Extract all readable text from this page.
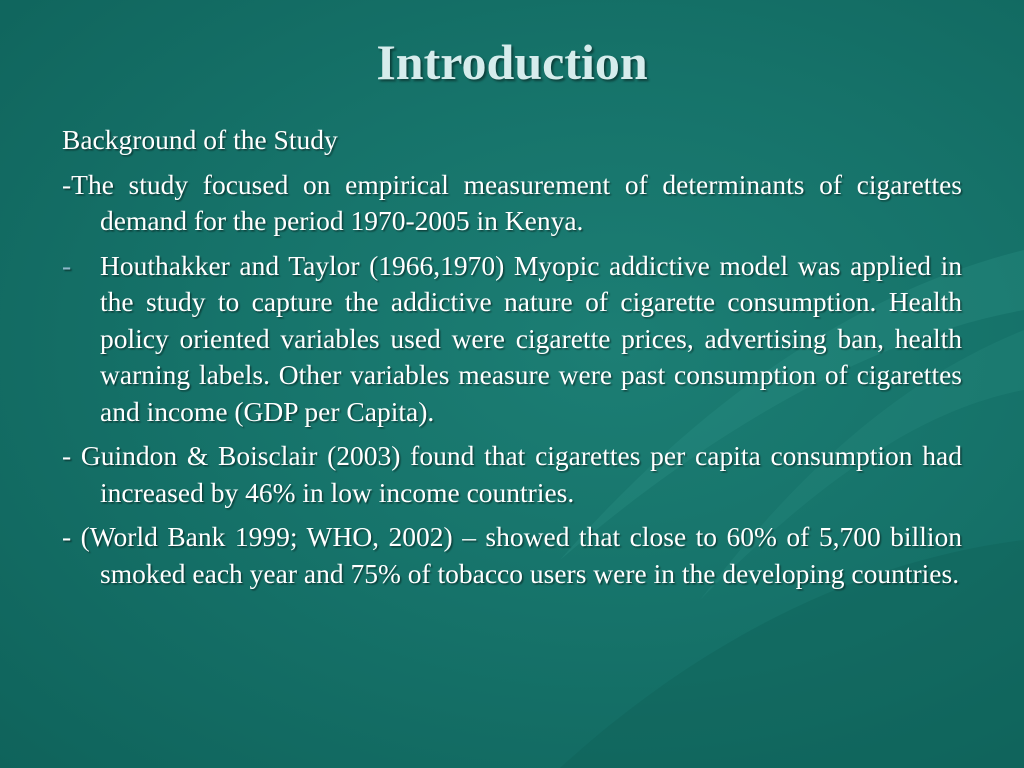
Introduction

Background of the Study

-The study focused on empirical measurement of determinants of cigarettes demand for the period 1970-2005 in Kenya.

- Houthakker and Taylor (1966,1970) Myopic addictive model was applied in the study to capture the addictive nature of cigarette consumption. Health policy oriented variables used were cigarette prices, advertising ban, health warning labels. Other variables measure were past consumption of cigarettes and income (GDP per Capita).

- Guindon & Boisclair (2003) found that cigarettes per capita consumption had increased by 46% in low income countries.

- (World Bank 1999; WHO, 2002) – showed that close to 60% of 5,700 billion smoked each year and 75% of tobacco users were in the developing countries.
